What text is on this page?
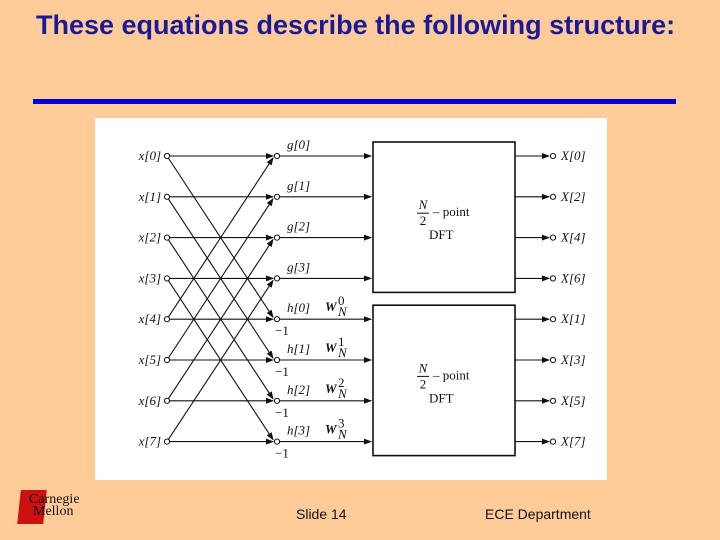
These equations describe the following structure:
x[0]
x[1]
x[2]
x[3]
x[4]
x[5]
x[6]
x[7]
N
2
– point
DFT
N
2
– point
DFT
X[0]
X[2]
X[4]
X[6]
X[1]
X[3]
X[5]
X[7]
g[0]
g[1]
g[2]
g[3]
h[0] W N
0
−1
h[1] W N
1
−1
h[2] W N
2
−1
h[3] W N
3
−1
Carnegie
Mellon	Slide 14	ECE Department
